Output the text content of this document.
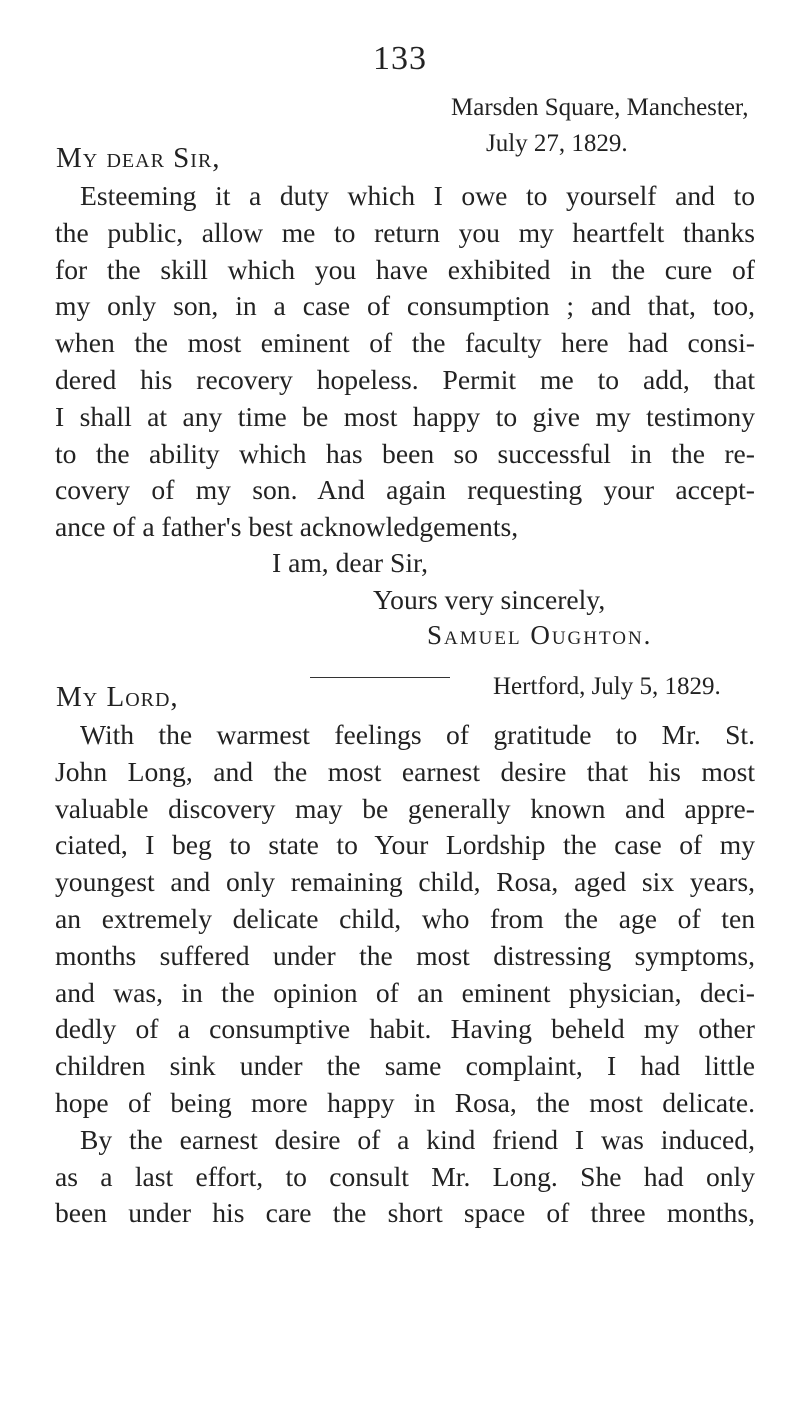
133
Marsden Square, Manchester,
July 27, 1829.
My dear Sir,
Esteeming it a duty which I owe to yourself and to
the public, allow me to return you my heartfelt thanks
for the skill which you have exhibited in the cure of
my only son, in a case of consumption ; and that, too,
when the most eminent of the faculty here had consi-
dered his recovery hopeless. Permit me to add, that
I shall at any time be most happy to give my testimony
to the ability which has been so successful in the re-
covery of my son. And again requesting your accept-
ance of a father's best acknowledgements,
I am, dear Sir,
Yours very sincerely,
Samuel Oughton.
Hertford, July 5, 1829.
My Lord,
With the warmest feelings of gratitude to Mr. St.
John Long, and the most earnest desire that his most
valuable discovery may be generally known and appre-
ciated, I beg to state to Your Lordship the case of my
youngest and only remaining child, Rosa, aged six years,
an extremely delicate child, who from the age of ten
months suffered under the most distressing symptoms,
and was, in the opinion of an eminent physician, deci-
dedly of a consumptive habit. Having beheld my other
children sink under the same complaint, I had little
hope of being more happy in Rosa, the most delicate.
By the earnest desire of a kind friend I was induced,
as a last effort, to consult Mr. Long. She had only
been under his care the short space of three months,
